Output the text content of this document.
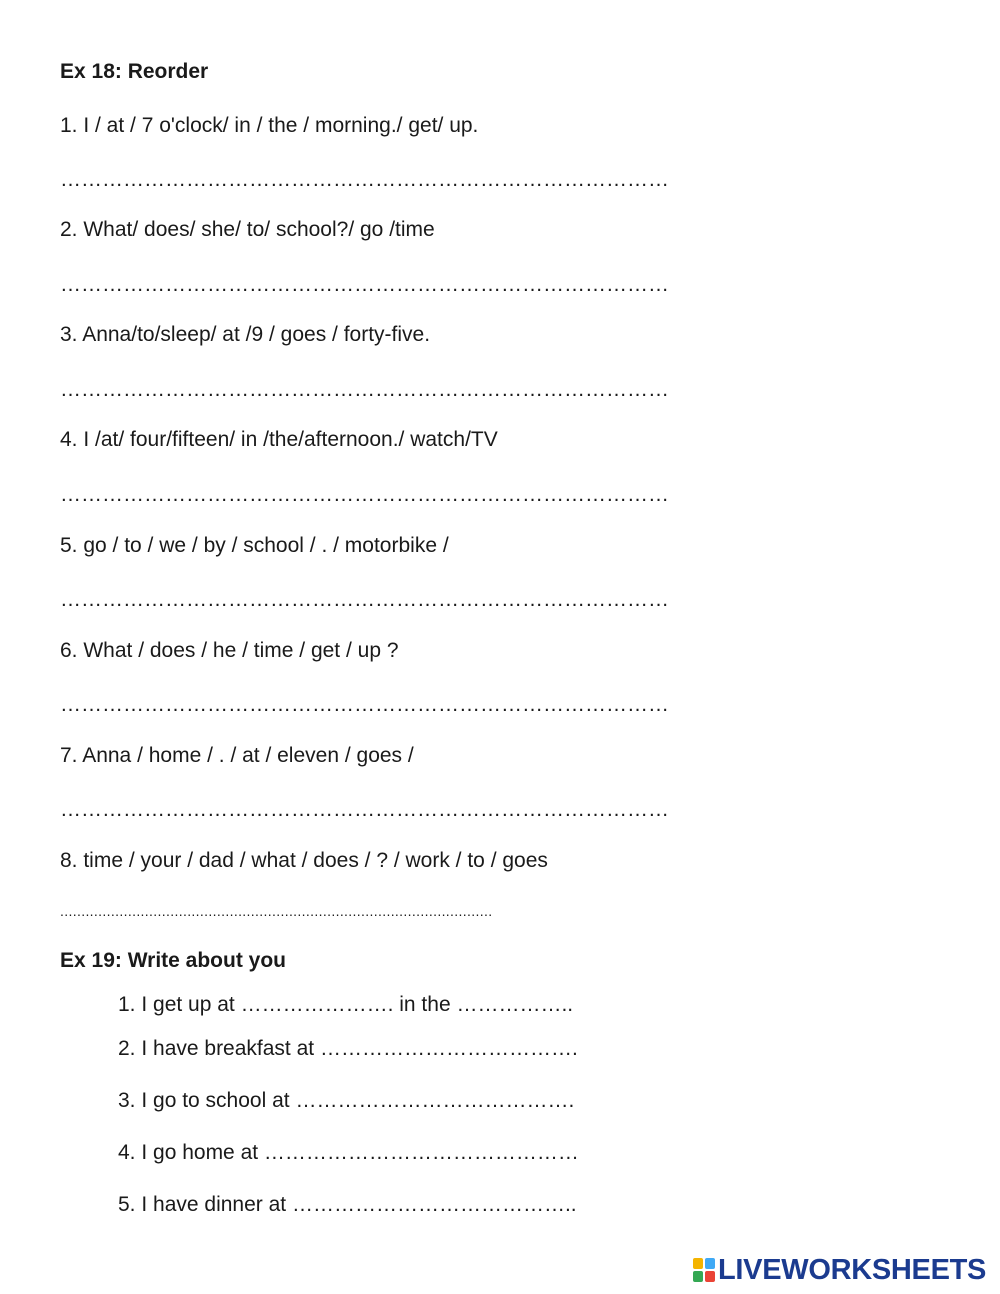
Ex 18: Reorder
1. I / at / 7 o'clock/ in / the / morning./ get/ up.
……………………………………………………………………………
2. What/ does/ she/ to/ school?/ go /time
……………………………………………………………………………
3. Anna/to/sleep/ at /9 / goes / forty-five.
……………………………………………………………………………
4. I /at/ four/fifteen/ in /the/afternoon./ watch/TV
……………………………………………………………………………
5. go / to / we / by / school / . / motorbike /
……………………………………………………………………………
6. What / does / he / time / get / up ?
……………………………………………………………………………
7. Anna / home / . / at / eleven / goes /
……………………………………………………………………………
8. time / your / dad / what / does / ? / work / to / goes
......................................................................................................
Ex 19: Write about you
1. I get up at …………………. in the ……………..
2. I have breakfast at ……………………………….
3. I go to school at ………………………………….
4. I go home at ………………………………………
5. I have dinner at …………………………………..
LIVEWORKSHEETS
